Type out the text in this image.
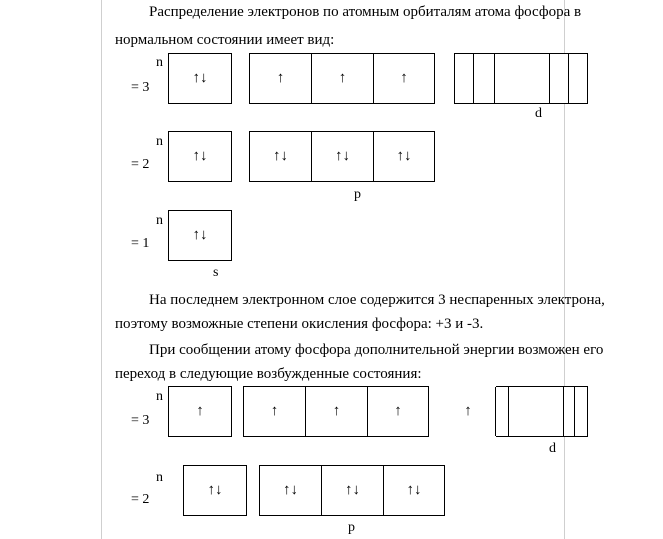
Распределение электронов по атомным орбиталям атома фосфора в
нормальном состоянии имеет вид:
n
= 3
↑↓	↑	↑	↑
d
n
= 2
↑↓	↑↓	↑↓	↑↓
p
n
= 1
↑↓
s
На последнем электронном слое содержится 3 неспаренных электрона,
поэтому возможные степени окисления фосфора: +3 и -3.
При сообщении атому фосфора дополнительной энергии возможен его
переход в следующие возбужденные состояния:
n
= 3
↑	↑	↑	↑	↑
d
n
= 2
↑↓	↑↓	↑↓	↑↓
p
